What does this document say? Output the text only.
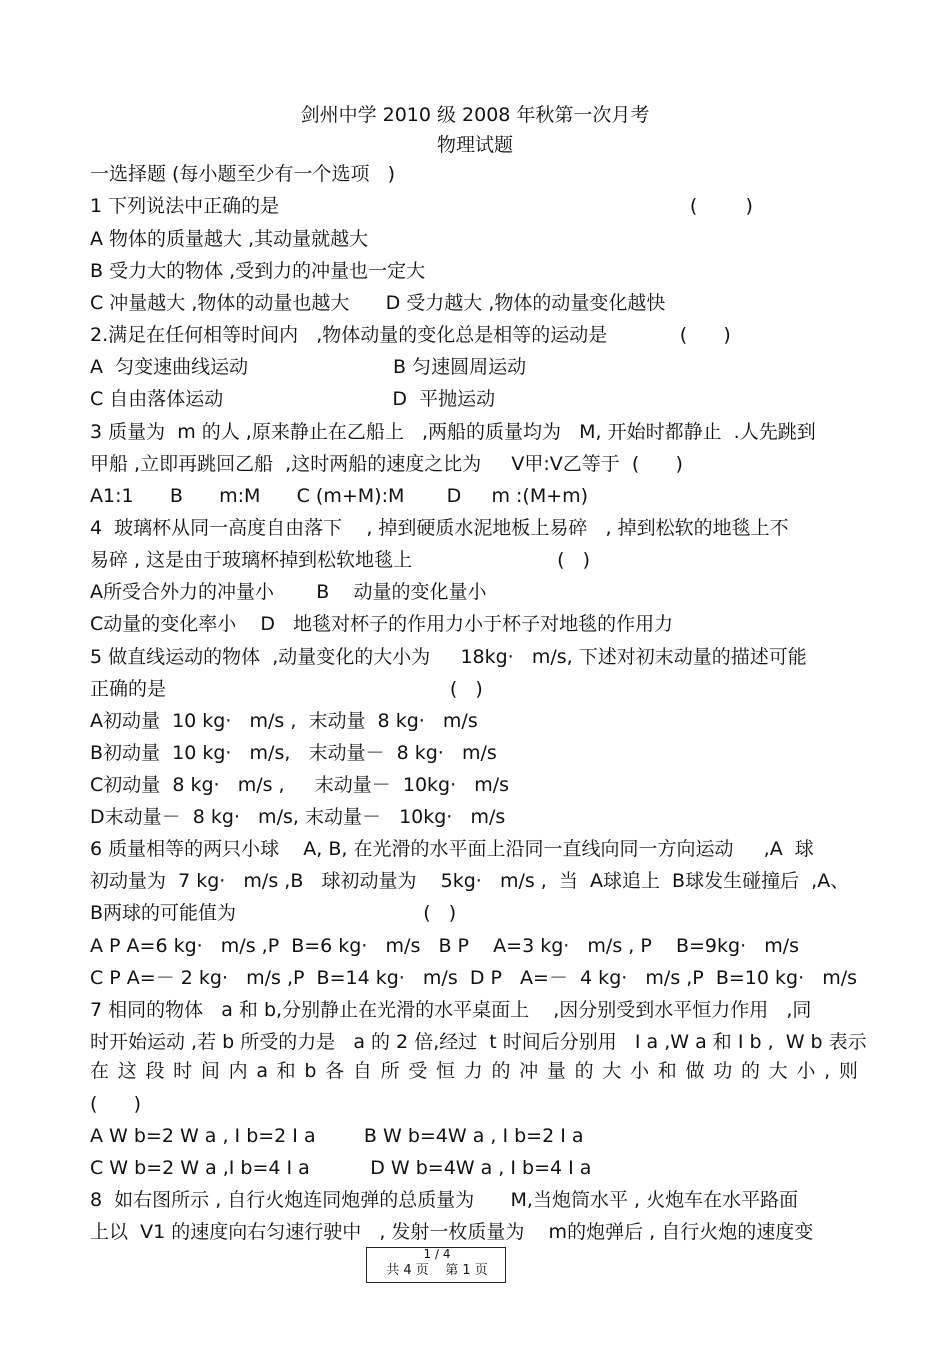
剑州中学 2010 级 2008 年秋第一次月考
物理试题
一选择题 (每小题至少有一个选项   )
1 下列说法中正确的是                                                                    (        )
A 物体的质量越大 ,其动量就越大
B 受力大的物体 ,受到力的冲量也一定大
C 冲量越大 ,物体的动量也越大      D 受力越大 ,物体的动量变化越快
2.满足在任何相等时间内   ,物体动量的变化总是相等的运动是            (      )
A  匀变速曲线运动                        B 匀速圆周运动
C 自由落体运动                            D  平抛运动
3 质量为  m 的人 ,原来静止在乙船上   ,两船的质量均为   M, 开始时都静止  .人先跳到
甲船 ,立即再跳回乙船  ,这时两船的速度之比为     V甲:V乙等于  (      )
A1:1      B      m:M      C (m+M):M       D     m :(M+m)
4  玻璃杯从同一高度自由落下    , 掉到硬质水泥地板上易碎   , 掉到松软的地毯上不
易碎 , 这是由于玻璃杯掉到松软地毯上                        (   )
A所受合外力的冲量小       B    动量的变化量小
C动量的变化率小    D   地毯对杯子的作用力小于杯子对地毯的作用力
5 做直线运动的物体  ,动量变化的大小为     18kg·   m/s, 下述对初末动量的描述可能
正确的是                                               (   )
A初动量  10 kg·   m/s ,  末动量  8 kg·   m/s
B初动量  10 kg·   m/s,   末动量－  8 kg·   m/s
C初动量  8 kg·   m/s ,     末动量－  10kg·   m/s
D末动量－  8 kg·   m/s, 末动量－   10kg·   m/s
6 质量相等的两只小球    A, B, 在光滑的水平面上沿同一直线向同一方向运动     ,A  球
初动量为  7 kg·   m/s ,B   球初动量为    5kg·   m/s ,  当  A球追上  B球发生碰撞后  ,A、
B两球的可能值为                               (   )
A P A=6 kg·   m/s ,P  B=6 kg·   m/s   B P    A=3 kg·   m/s , P    B=9kg·   m/s
C P A=－ 2 kg·   m/s ,P  B=14 kg·   m/s  D P   A=－  4 kg·   m/s ,P  B=10 kg·   m/s
7 相同的物体   a 和 b,分别静止在光滑的水平桌面上    ,因分别受到水平恒力作用   ,同
时开始运动 ,若 b 所受的力是   a 的 2 倍,经过  t 时间后分别用   I a ,W a 和 I b ,  W b 表示
(      )
A W b=2 W a , I b=2 I a        B W b=4W a , I b=2 I a
C W b=2 W a ,I b=4 I a          D W b=4W a , I b=4 I a
8  如右图所示 , 自行火炮连同炮弹的总质量为      M,当炮筒水平 , 火炮车在水平路面
上以  V1 的速度向右匀速行驶中   , 发射一枚质量为    m的炮弹后 , 自行火炮的速度变
在 这 段 时 间 内 a 和 b 各 自 所 受 恒 力 的 冲 量 的 大 小 和 做 功 的 大 小 , 则
1 / 4
共 4 页    第 1 页
